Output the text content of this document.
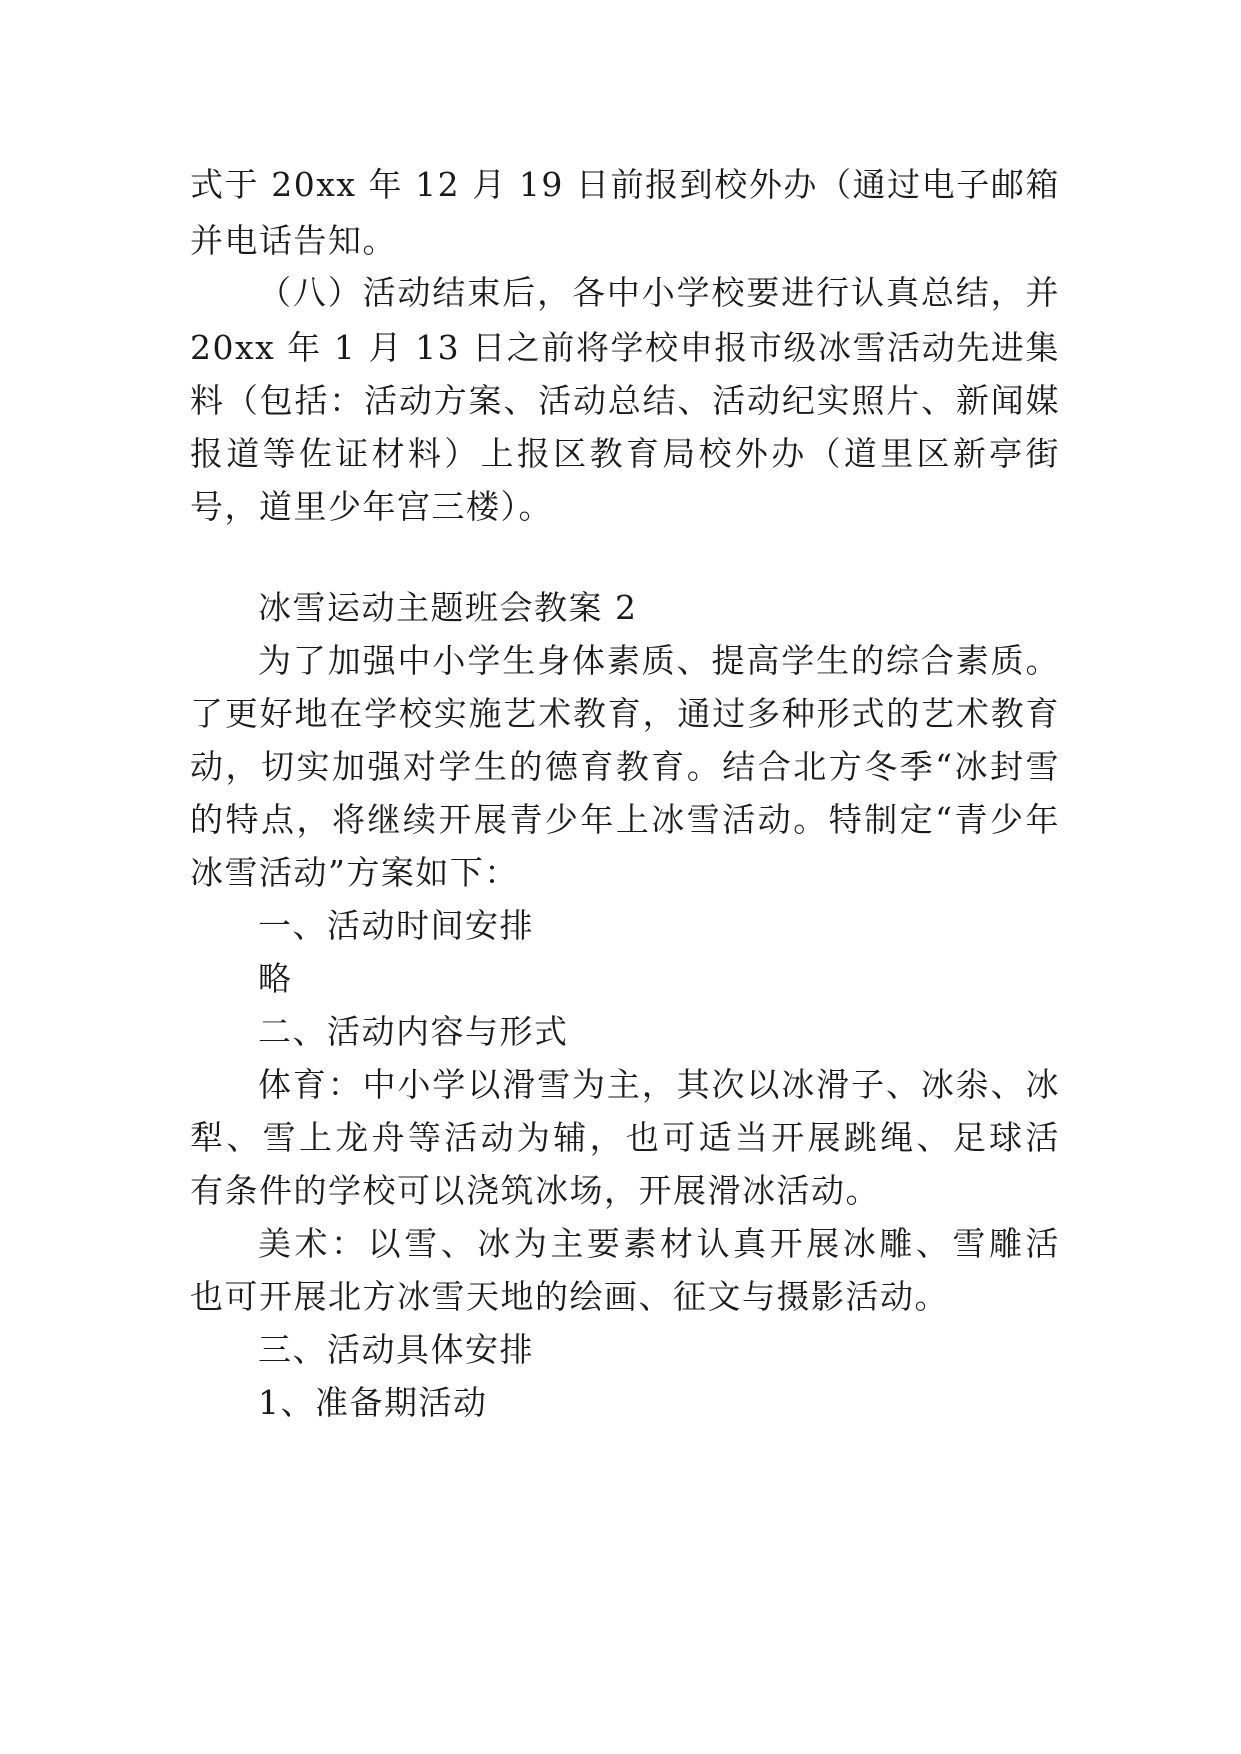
式于 20xx 年 12 月 19 日前报到校外办（通过电子邮箱
并电话告知。
（八）活动结束后，各中小学校要进行认真总结，并
20xx 年 1 月 13 日之前将学校申报市级冰雪活动先进集
料（包括：活动方案、活动总结、活动纪实照片、新闻媒
报道等佐证材料）上报区教育局校外办（道里区新亭街
号，道里少年宫三楼）。
冰雪运动主题班会教案 2
为了加强中小学生身体素质、提高学生的综合素质。
了更好地在学校实施艺术教育，通过多种形式的艺术教育
动，切实加强对学生的德育教育。结合北方冬季“冰封雪
的特点，将继续开展青少年上冰雪活动。特制定“青少年
冰雪活动”方案如下：
一、活动时间安排
略
二、活动内容与形式
体育：中小学以滑雪为主，其次以冰滑子、冰尜、冰
犁、雪上龙舟等活动为辅，也可适当开展跳绳、足球活
有条件的学校可以浇筑冰场，开展滑冰活动。
美术：以雪、冰为主要素材认真开展冰雕、雪雕活
也可开展北方冰雪天地的绘画、征文与摄影活动。
三、活动具体安排
1、准备期活动
